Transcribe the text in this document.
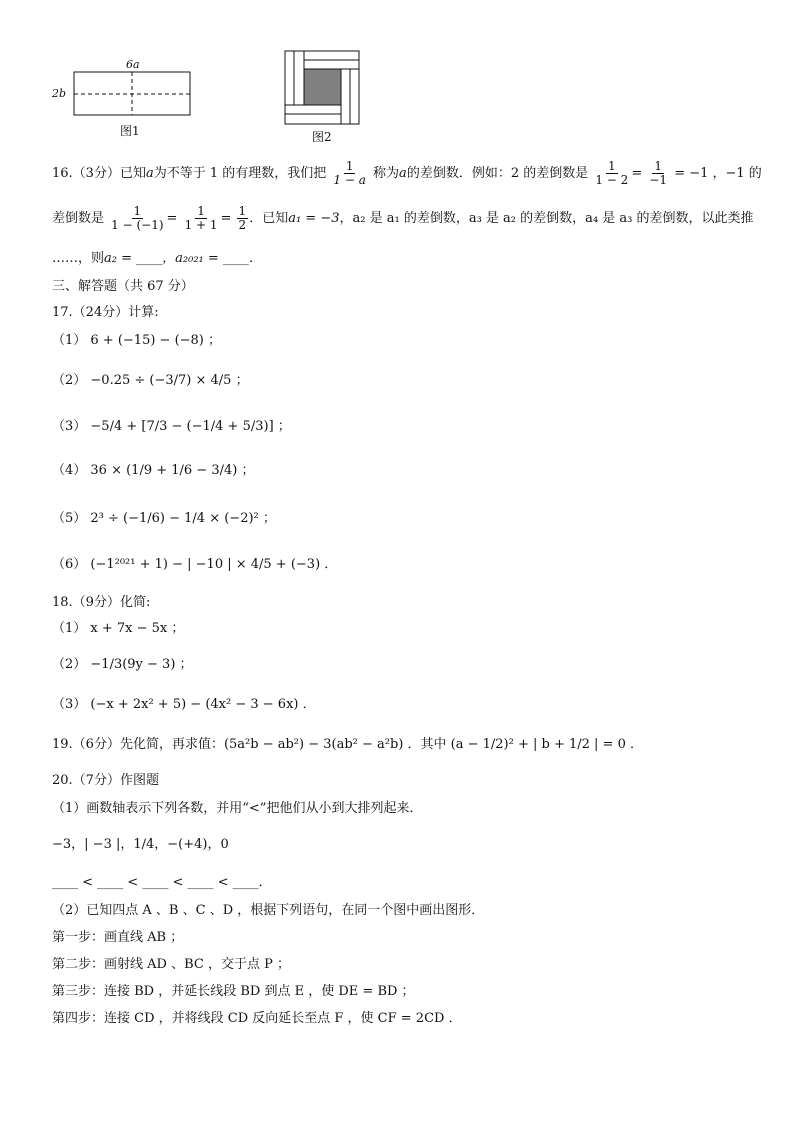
6a
2b
图1	图2
16.（3分）已知a为不等于 1 的有理数，我们把 $\frac{1}{1 - a}$ 称为a的差倒数．例如：2 的差倒数是 $\frac{1}{1 - 2} = \frac{1}{-1} = -1$ ，−1 的
差倒数是 $\frac{1}{1 - (-1)} = \frac{1}{1 + 1} = \frac{1}{2}$ ．已知a₁ = −3，a₂ 是 a₁ 的差倒数，a₃ 是 a₂ 的差倒数，a₄ 是 a₃ 的差倒数，以此类推
……，则a₂ = ____，a₂₀₂₁ = ____．
三、解答题（共 67 分）
17.（24分）计算:
（1） 6 + (−15) − (−8) ；
（2） −0.25 ÷ (−3/7) × 4/5 ；
（3） −5/4 + [7/3 − (−1/4 + 5/3)] ；
（4） 36 × (1/9 + 1/6 − 3/4) ；
（5） 2³ ÷ (−1/6) − 1/4 × (−2)² ；
（6） (−1²⁰²¹ + 1) − | −10 | × 4/5 + (−3) ．
18.（9分）化简:
（1） x + 7x − 5x ；
（2） −1/3(9y − 3) ；
（3） (−x + 2x² + 5) − (4x² − 3 − 6x) ．
19.（6分）先化简，再求值：(5a²b − ab²) − 3(ab² − a²b) ．其中 (a − 1/2)² + | b + 1/2 | = 0 ．
20.（7分）作图题
（1）画数轴表示下列各数，并用“<”把他们从小到大排列起来．
−3，| −3 |，1/4，−(+4)，0
____ < ____ < ____ < ____ < ____．
（2）已知四点 A 、B 、C 、D ，根据下列语句，在同一个图中画出图形．
第一步：画直线 AB ；
第二步：画射线 AD 、BC ，交于点 P ；
第三步：连接 BD ，并延长线段 BD 到点 E ，使 DE = BD ；
第四步：连接 CD ，并将线段 CD 反向延长至点 F ，使 CF = 2CD ．
